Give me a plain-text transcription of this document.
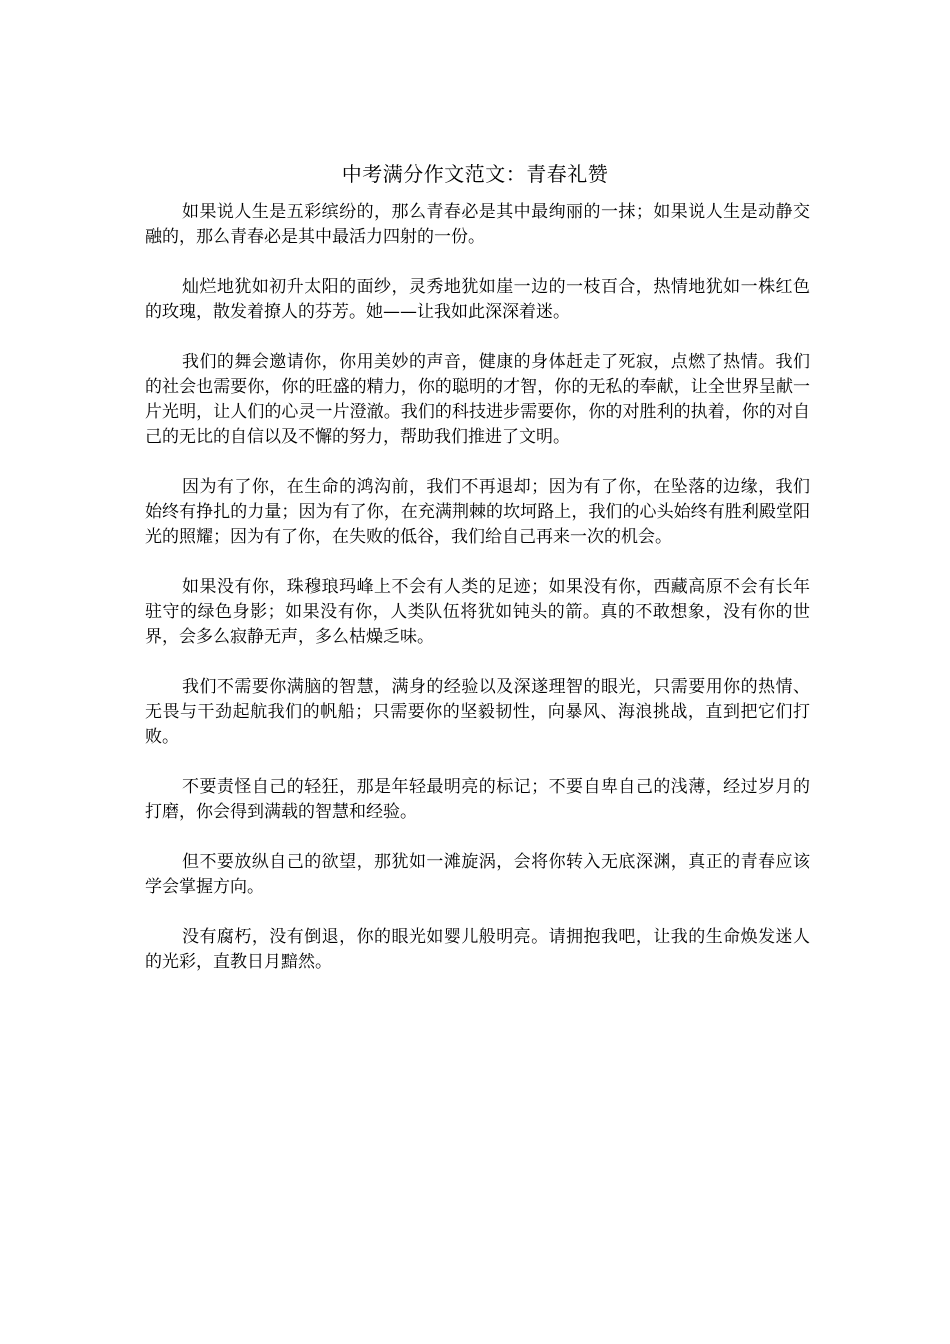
中考满分作文范文：青春礼赞

如果说人生是五彩缤纷的，那么青春必是其中最绚丽的一抹；如果说人生是动静交融的，那么青春必是其中最活力四射的一份。

灿烂地犹如初升太阳的面纱，灵秀地犹如崖一边的一枝百合，热情地犹如一株红色的玫瑰，散发着撩人的芬芳。她——让我如此深深着迷。

我们的舞会邀请你，你用美妙的声音，健康的身体赶走了死寂，点燃了热情。我们的社会也需要你，你的旺盛的精力，你的聪明的才智，你的无私的奉献，让全世界呈献一片光明，让人们的心灵一片澄澈。我们的科技进步需要你，你的对胜利的执着，你的对自己的无比的自信以及不懈的努力，帮助我们推进了文明。

因为有了你，在生命的鸿沟前，我们不再退却；因为有了你，在坠落的边缘，我们始终有挣扎的力量；因为有了你，在充满荆棘的坎坷路上，我们的心头始终有胜利殿堂阳光的照耀；因为有了你，在失败的低谷，我们给自己再来一次的机会。

如果没有你，珠穆琅玛峰上不会有人类的足迹；如果没有你，西藏高原不会有长年驻守的绿色身影；如果没有你，人类队伍将犹如钝头的箭。真的不敢想象，没有你的世界，会多么寂静无声，多么枯燥乏味。

我们不需要你满脑的智慧，满身的经验以及深遂理智的眼光，只需要用你的热情、无畏与干劲起航我们的帆船；只需要你的坚毅韧性，向暴风、海浪挑战，直到把它们打败。

不要责怪自己的轻狂，那是年轻最明亮的标记；不要自卑自己的浅薄，经过岁月的打磨，你会得到满载的智慧和经验。

但不要放纵自己的欲望，那犹如一滩旋涡，会将你转入无底深渊，真正的青春应该学会掌握方向。

没有腐朽，没有倒退，你的眼光如婴儿般明亮。请拥抱我吧，让我的生命焕发迷人的光彩，直教日月黯然。
